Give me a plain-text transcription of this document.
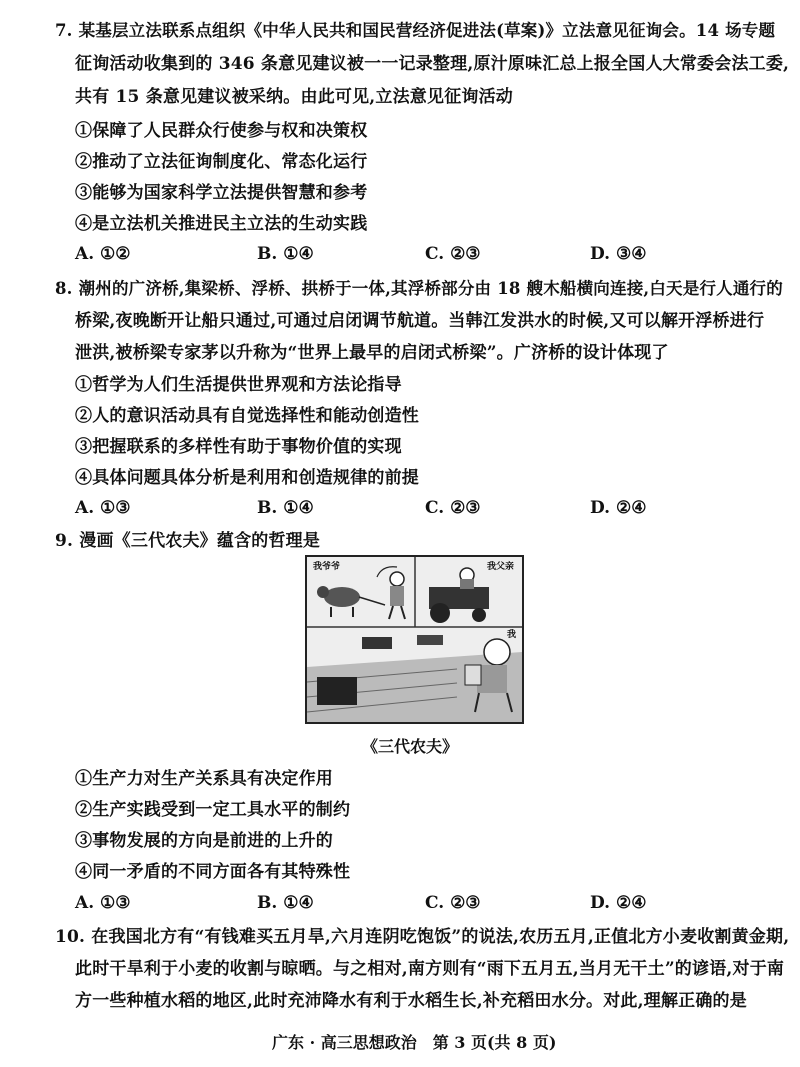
7. 某基层立法联系点组织《中华人民共和国民营经济促进法(草案)》立法意见征询会。14 场专题
征询活动收集到的 346 条意见建议被一一记录整理,原汁原味汇总上报全国人大常委会法工委,
共有 15 条意见建议被采纳。由此可见,立法意见征询活动
①保障了人民群众行使参与权和决策权
②推动了立法征询制度化、常态化运行
③能够为国家科学立法提供智慧和参考
④是立法机关推进民主立法的生动实践
A. ①②	B. ①④	C. ②③	D. ③④
8. 潮州的广济桥,集梁桥、浮桥、拱桥于一体,其浮桥部分由 18 艘木船横向连接,白天是行人通行的
桥梁,夜晚断开让船只通过,可通过启闭调节航道。当韩江发洪水的时候,又可以解开浮桥进行
泄洪,被桥梁专家茅以升称为“世界上最早的启闭式桥梁”。广济桥的设计体现了
①哲学为人们生活提供世界观和方法论指导
②人的意识活动具有自觉选择性和能动创造性
③把握联系的多样性有助于事物价值的实现
④具体问题具体分析是利用和创造规律的前提
A. ①③	B. ①④	C. ②③	D. ②④
9. 漫画《三代农夫》蕴含的哲理是
我爷爷	我父亲
我
《三代农夫》
①生产力对生产关系具有决定作用
②生产实践受到一定工具水平的制约
③事物发展的方向是前进的上升的
④同一矛盾的不同方面各有其特殊性
A. ①③	B. ①④	C. ②③	D. ②④
10. 在我国北方有“有钱难买五月旱,六月连阴吃饱饭”的说法,农历五月,正值北方小麦收割黄金期,
此时干旱利于小麦的收割与晾晒。与之相对,南方则有“雨下五月五,当月无干土”的谚语,对于南
方一些种植水稻的地区,此时充沛降水有利于水稻生长,补充稻田水分。对此,理解正确的是
广东 · 高三思想政治　第 3 页(共 8 页)
